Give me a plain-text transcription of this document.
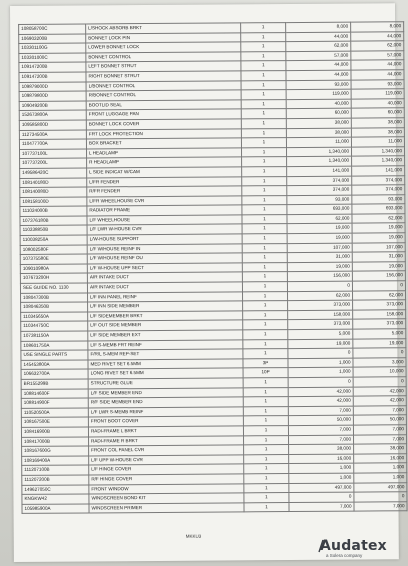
108058700C	L/SHOCK ABSORB BRKT	1	8,000	8,000
106903200B	BONNET LOCK PIN	1	44,000	44,000
103301100G	LOWER BONNET LOCK	1	62,000	62,000
103301000C	BONNET CONTROL	1	57,000	57,000
109147200B	LEFT BONNET STRUT	1	44,000	44,000
109147200B	RIGHT BONNET STRUT	1	44,000	44,000
109879000D	L/BONNET CONTROL	1	93,000	93,000
109879800D	R/BONNET CONTROL	1	119,000	119,000
109049200B	BOOTLID SEAL	1	40,000	40,000
152673800A	FRONT LUGGAGE PAN	1	60,000	60,000
109585800D	BONNET LOCK COVER	1	38,000	38,000
112734500A	FRT LOCK PROTECTION	1	38,000	38,000
110477700A	BOX BRACKET	1	11,000	11,000
107737100L	L HEADLAMP	1	1,340,000	1,340,000
107737200L	R HEADLAMP	1	1,340,000	1,340,000
149586420C	L SIDE INDICAT W/CAM	1	141,000	141,000
108140180D	L/FR FENDER	1	374,000	374,000
108140080D	R/FR FENDER	1	374,000	374,000
108158100D	L/FR WHEELHOUSE CVR	1	93,000	93,000
111024000B	RADIATOR FRAME	1	693,000	693,000
107376180B	L/F WHEELHOUSE	1	62,000	62,000
110338850B	L/F LWR W-HOUSE CVR	1	19,000	19,000
110038250A	L/W-HOUSE SUPPORT	1	19,000	19,000
108002580F	L/F W/HOUSE REINF IN	1	107,000	107,000
107375580E	L/F W/HOUSE REINF OU	1	31,000	31,000
109010980A	L/F W-HOUSE UPP SECT	1	19,000	19,000
107673200H	AIR INTAKE DUCT	1	156,000	156,000
SEE GUIDE NO. 1130	AIR INTAKE DUCT	1	0	0
108047300B	L/F INN PANEL REINF	1	62,000	62,000
108046350B	L/F INN SIDE MEMBER	1	373,000	373,000
110345650A	L/F SIDEMEMBER BRKT	1	158,000	158,000
110344750C	L/F OUT SIDE MEMBER	1	373,000	373,000
107381150A	L/F SIDE MEMBER EXT	1	5,000	5,000
108601750A	L/F S-MEMB FRT REINF	1	19,000	19,000
USE SINGLE PARTS	F/R/L S-MEM REP-SET	1	0	0
145453800A	MED RIVET SET 6.5MM	3P	1,000	3,000
106632700A	LONG RIVET SET 6.5MM	10P	1,000	10,000
BR155299B	STRUCTURE GLUE	1	0	0
108814600F	L/F SIDE MEMBER END	1	42,000	42,000
108814900F	R/F SIDE MEMBER END	1	42,000	42,000
110520500A	L/F LWR S-MEMB REINF	1	7,000	7,000
108167500E	FRONT BOOT COVER	1	50,000	50,000
108416900B	RADI-FRAME L BRKT	1	7,000	7,000
108417000B	RADI-FRAME R BRKT	1	7,000	7,000
108167600G	FRONT COL PANEL CVR	1	38,000	38,000
108169400A	L/F UPP W-HOUSE CVR	1	16,000	16,000
111207100B	L/F HINGE COVER	1	1,000	1,000
111207200B	R/F HINGE COVER	1	1,000	1,000
149627050C	FRONT WINDOW	1	497,000	497,000
KNGKW42	WINDSCREEN BOND KIT	1	0	0
105985900A	WINDSCREEN PRIMER	1	7,000	7,000
MKKU3
Audatex
a Solera company
